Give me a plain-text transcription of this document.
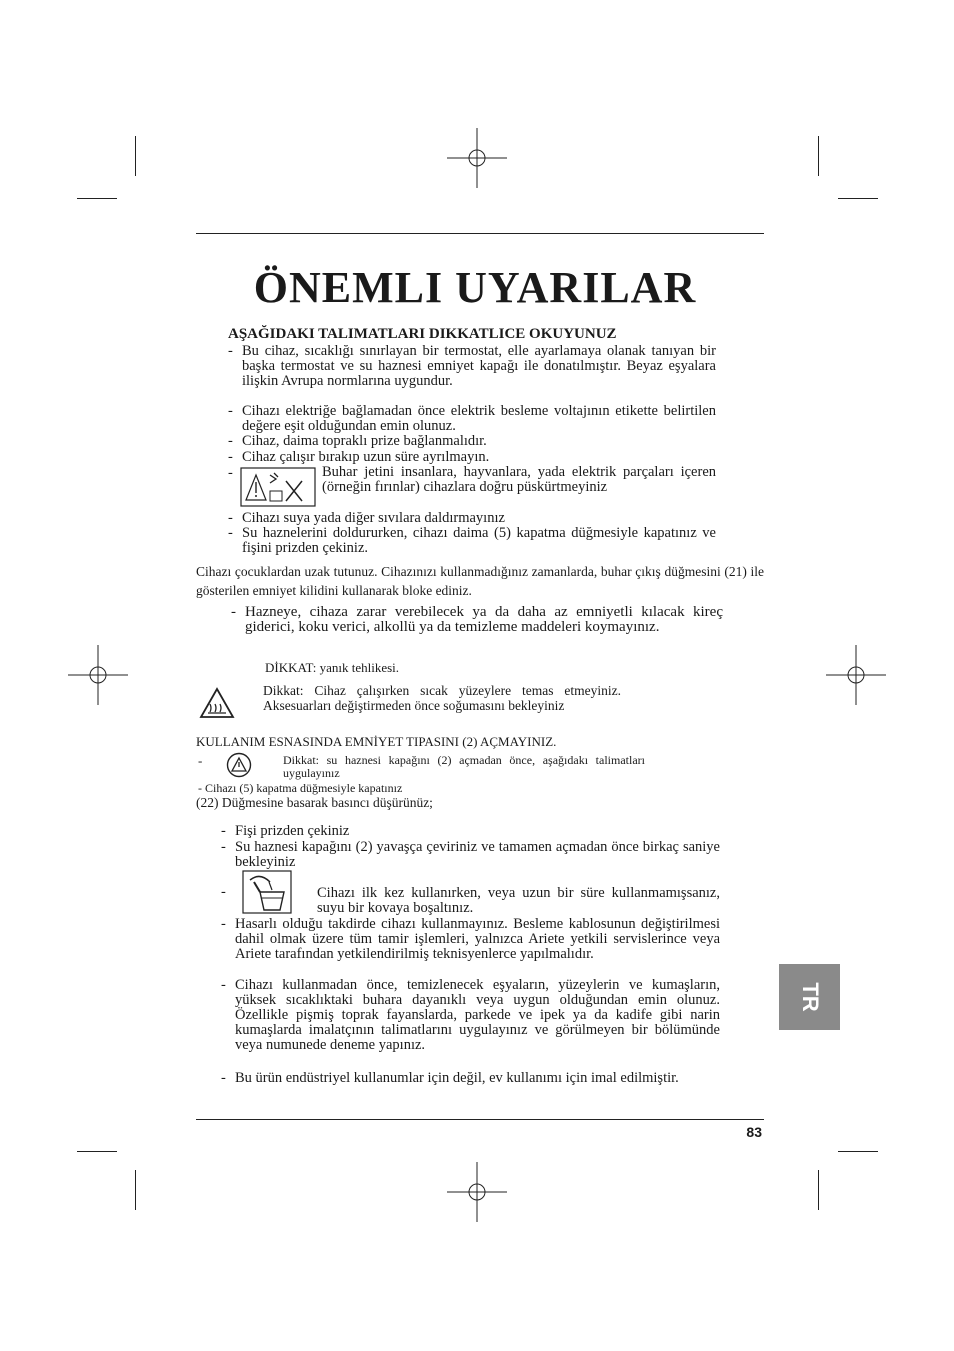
ÖNEMLI UYARILAR
AŞAĞIDAKI TALIMATLARI DIKKATLICE OKUYUNUZ
- Bu cihaz, sıcaklığı sınırlayan bir termostat, elle ayarlamaya olanak tanıyan bir başka termostat ve su haznesi emniyet kapağı ile donatılmıştır. Beyaz eşyalara ilişkin Avrupa normlarına uygundur.
- Cihazı elektriğe bağlamadan önce elektrik besleme voltajının etikette belirtilen değere eşit olduğundan emin olunuz.
- Cihaz, daima topraklı prize bağlanmalıdır.
- Cihaz çalışır bırakıp uzun süre ayrılmayın.
-	Buhar jetini insanlara, hayvanlara, yada elektrik parçaları içeren (örneğin fırınlar) cihazlara doğru püskürtmeyiniz
- Cihazı suya yada diğer sıvılara daldırmayınız
- Su haznelerini doldururken, cihazı daima (5) kapatma düğmesiyle kapatınız ve fişini prizden çekiniz.
Cihazı çocuklardan uzak tutunuz. Cihazınızı kullanmadığınız zamanlarda, buhar çıkış düğmesini (21) ile gösterilen emniyet kilidini kullanarak bloke ediniz.
- Hazneye, cihaza zarar verebilecek ya da daha az emniyetli kılacak kireç giderici, koku verici, alkollü ya da temizleme maddeleri koymayınız.
DİKKAT: yanık tehlikesi.
Dikkat: Cihaz çalışırken sıcak yüzeylere temas etmeyiniz. Aksesuarları değiştirmeden önce soğumasını bekleyiniz
KULLANIM ESNASINDA EMNİYET TIPASINI (2) AÇMAYINIZ.
-	Dikkat: su haznesi kapağını (2) açmadan önce, aşağıdakı talimatları uygulayınız
- Cihazı (5) kapatma düğmesiyle kapatınız
(22) Düğmesine basarak basıncı düşürünüz;
- Fişi prizden çekiniz
- Su haznesi kapağını (2) yavaşça çeviriniz ve tamamen açmadan önce birkaç saniye bekleyiniz
-	Cihazı ilk kez kullanırken, veya uzun bir süre kullanmamışsanız, suyu bir kovaya boşaltınız.
- Hasarlı olduğu takdirde cihazı kullanmayınız. Besleme kablosunun değiştirilmesi dahil olmak üzere tüm tamir işlemleri, yalnızca Ariete yetkili servislerince veya Ariete tarafından yetkilendirilmiş teknisyenlerce yapılmalıdır.
- Cihazı kullanmadan önce, temizlenecek eşyaların, yüzeylerin ve kumaşların, yüksek sıcaklıktaki buhara dayanıklı veya uygun olduğundan emin olunuz. Özellikle pişmiş toprak fayanslarda, parkede ve ipek ya da kadife gibi narin kumaşlarda imalatçının talimatlarını uygulayınız ve görülmeyen bir bölümünde veya numunede deneme yapınız.
- Bu ürün endüstriyel kullanumlar için değil, ev kullanımı için imal edilmiştir.
TR
83
